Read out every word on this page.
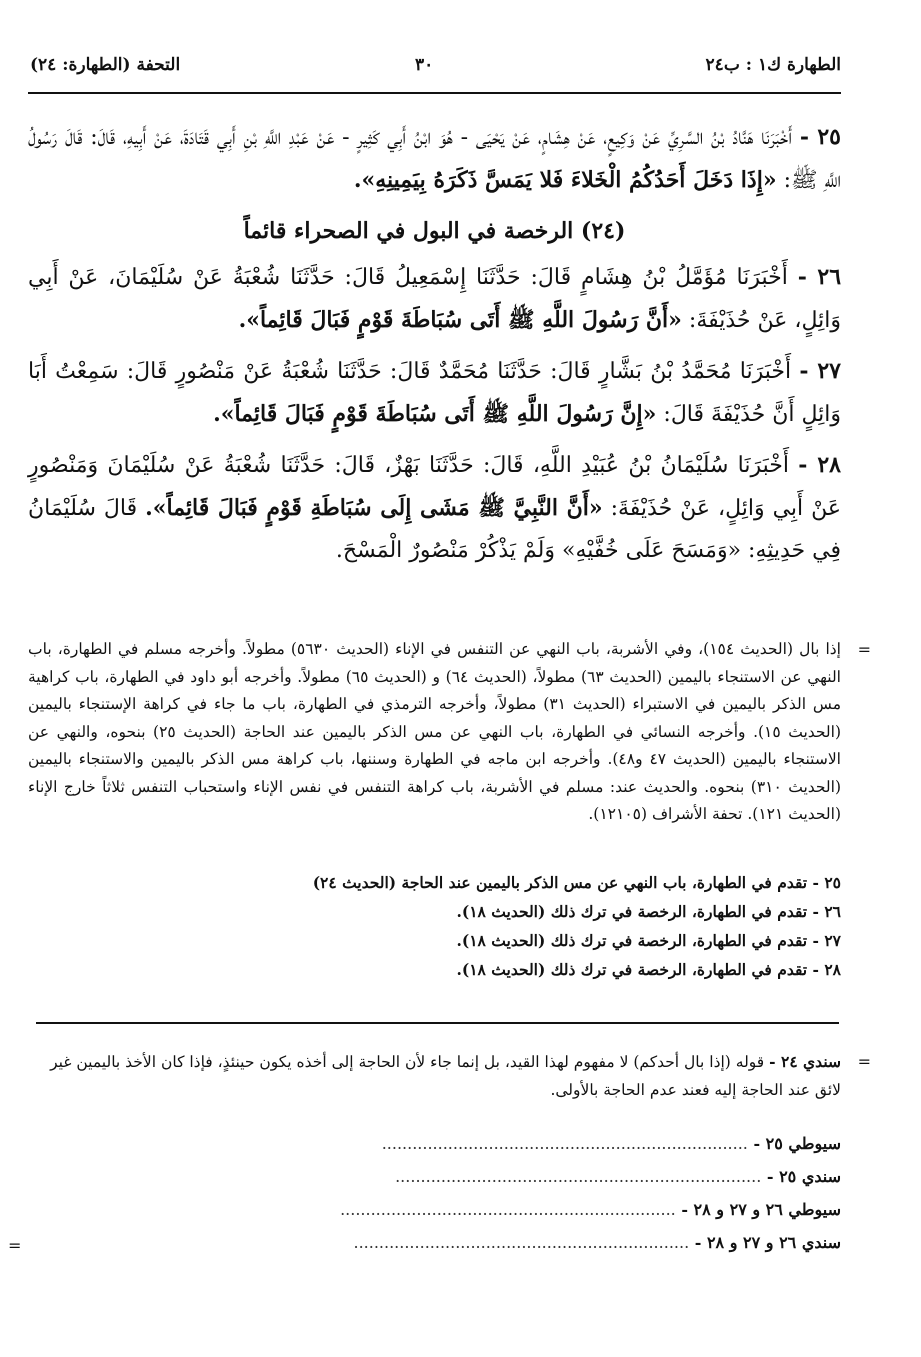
الطهارة ك١ : ب٢٤
٣٠
التحفة (الطهارة: ٢٤)

٢٥ - أَخْبَرَنَا هَنَّادُ بْنُ السَّرِيِّ عَنْ وَكِيعٍ، عَنْ هِشَامٍ، عَنْ يَحْيَى - هُوَ ابْنُ أَبِي كَثِيرٍ - عَنْ عَبْدِ اللَّهِ بْنِ أَبِي قَتَادَةَ، عَنْ أَبِيهِ، قَالَ: قَالَ رَسُولُ اللَّهِ ﷺ: «إِذَا دَخَلَ أَحَدُكُمُ الْخَلاءَ فَلا يَمَسَّ ذَكَرَهُ بِيَمِينِهِ».

(٢٤) الرخصة في البول في الصحراء قائماً

٢٦ - أَخْبَرَنَا مُؤَمَّلُ بْنُ هِشَامٍ قَالَ: حَدَّثَنَا إِسْمَعِيلُ قَالَ: حَدَّثَنَا شُعْبَةُ عَنْ سُلَيْمَانَ، عَنْ أَبِي وَائِلٍ، عَنْ حُذَيْفَةَ: «أَنَّ رَسُولَ اللَّهِ ﷺ أَتَى سُبَاطَةَ قَوْمٍ فَبَالَ قَائِماً».

٢٧ - أَخْبَرَنَا مُحَمَّدُ بْنُ بَشَّارٍ قَالَ: حَدَّثَنَا مُحَمَّدٌ قَالَ: حَدَّثَنَا شُعْبَةُ عَنْ مَنْصُورٍ قَالَ: سَمِعْتُ أَبَا وَائِلٍ أَنَّ حُذَيْفَةَ قَالَ: «إِنَّ رَسُولَ اللَّهِ ﷺ أَتَى سُبَاطَةَ قَوْمٍ فَبَالَ قَائِماً».

٢٨ - أَخْبَرَنَا سُلَيْمَانُ بْنُ عُبَيْدِ اللَّهِ، قَالَ: حَدَّثَنَا بَهْزٌ، قَالَ: حَدَّثَنَا شُعْبَةُ عَنْ سُلَيْمَانَ وَمَنْصُورٍ عَنْ أَبِي وَائِلٍ، عَنْ حُذَيْفَةَ: «أَنَّ النَّبِيَّ ﷺ مَشَى إِلَى سُبَاطَةِ قَوْمٍ فَبَالَ قَائِماً». قَالَ سُلَيْمَانُ فِي حَدِيثِهِ: «وَمَسَحَ عَلَى خُفَّيْهِ» وَلَمْ يَذْكُرْ مَنْصُورٌ الْمَسْحَ.

=

إذا بال (الحديث ١٥٤)، وفي الأشربة، باب النهي عن التنفس في الإناء (الحديث ٥٦٣٠) مطولاً. وأخرجه مسلم في الطهارة، باب النهي عن الاستنجاء باليمين (الحديث ٦٣) مطولاً، (الحديث ٦٤) و (الحديث ٦٥) مطولاً. وأخرجه أبو داود في الطهارة، باب كراهية مس الذكر باليمين في الاستبراء (الحديث ٣١) مطولاً، وأخرجه الترمذي في الطهارة، باب ما جاء في كراهة الإستنجاء باليمين (الحديث ١٥). وأخرجه النسائي في الطهارة، باب النهي عن مس الذكر باليمين عند الحاجة (الحديث ٢٥) بنحوه، والنهي عن الاستنجاء باليمين (الحديث ٤٧ و٤٨). وأخرجه ابن ماجه في الطهارة وسننها، باب كراهة مس الذكر باليمين والاستنجاء باليمين (الحديث ٣١٠) بنحوه. والحديث عند: مسلم في الأشربة، باب كراهة التنفس في نفس الإناء واستحباب التنفس ثلاثاً خارج الإناء (الحديث ١٢١). تحفة الأشراف (١٢١٠٥).

٢٥ - تقدم في الطهارة، باب النهي عن مس الذكر باليمين عند الحاجة (الحديث ٢٤)
٢٦ - تقدم في الطهارة، الرخصة في ترك ذلك (الحديث ١٨).
٢٧ - تقدم في الطهارة، الرخصة في ترك ذلك (الحديث ١٨).
٢٨ - تقدم في الطهارة، الرخصة في ترك ذلك (الحديث ١٨).
=

سندي ٢٤ - قوله (إذا بال أحدكم) لا مفهوم لهذا القيد، بل إنما جاء لأن الحاجة إلى أخذه يكون حينئذٍ، فإذا كان الأخذ باليمين غير لائق عند الحاجة إليه فعند عدم الحاجة بالأولى.

سيوطي ٢٥ - ........................................................................
سندي ٢٥ - ........................................................................
سيوطي ٢٦ و ٢٧ و ٢٨ - ..................................................................
سندي ٢٦ و ٢٧ و ٢٨ - ..................................................................
=
